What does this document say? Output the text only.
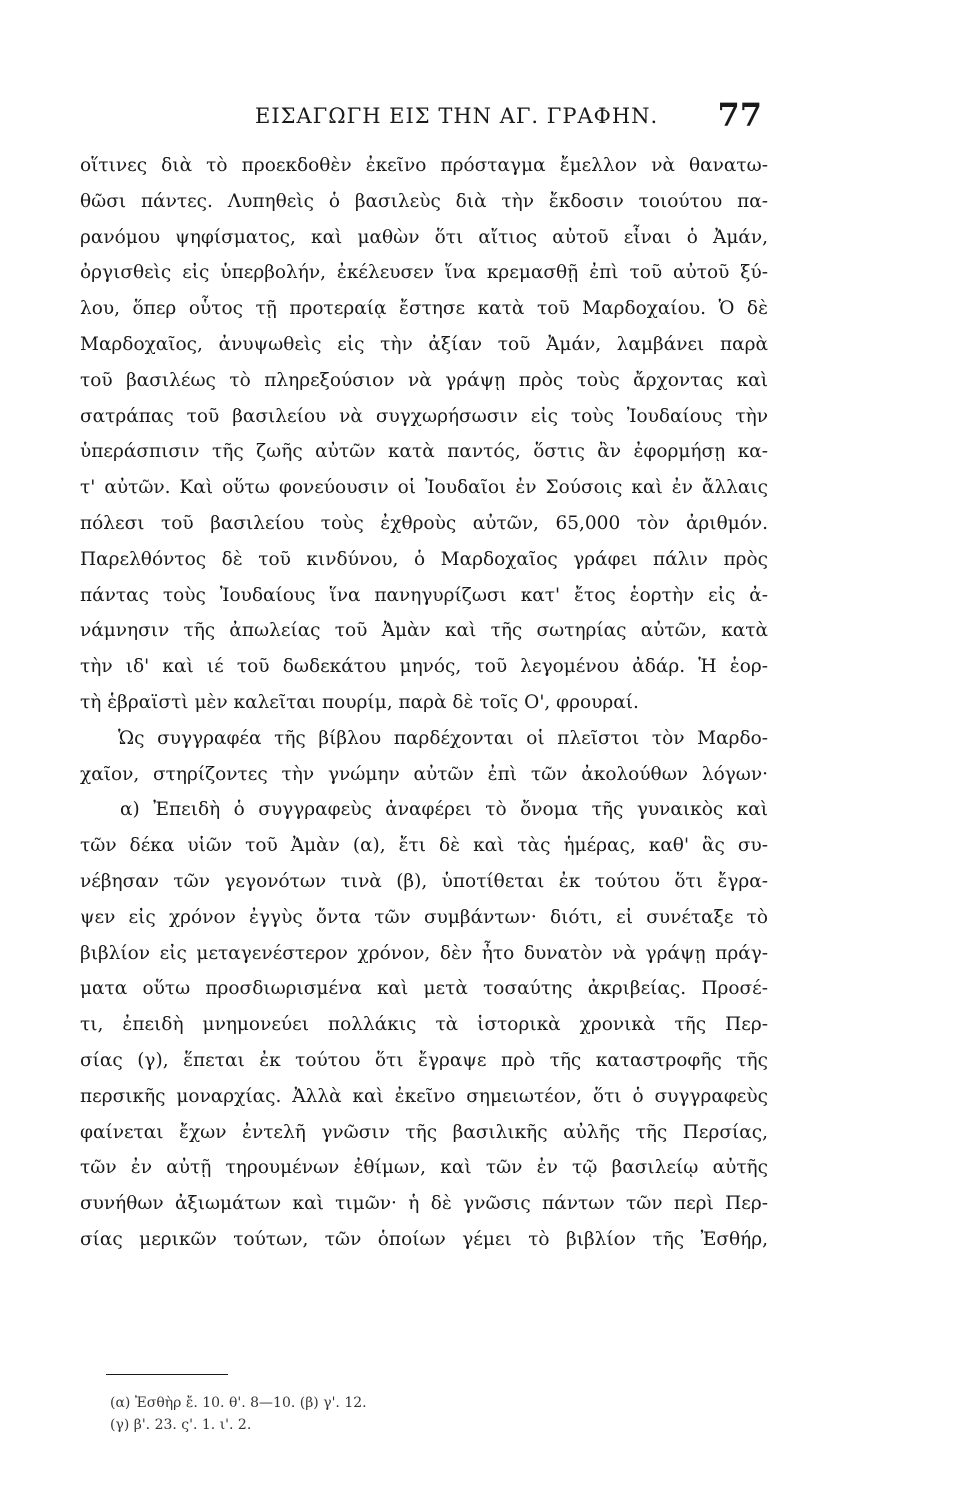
ΕΙΣΑΓΩΓΗ ΕΙΣ ΤΗΝ ΑΓ. ΓΡΑΦΗΝ. 77
οἵτινες διὰ τὸ προεκδοθὲν ἐκεῖνο πρόσταγμα ἔμελλον νὰ θανατω-
θῶσι πάντες. Λυπηθεὶς ὁ βασιλεὺς διὰ τὴν ἔκδοσιν τοιούτου πα-
ρανόμου ψηφίσματος, καὶ μαθὼν ὅτι αἴτιος αὐτοῦ εἶναι ὁ Ἀμάν,
ὀργισθεὶς εἰς ὑπερβολήν, ἐκέλευσεν ἵνα κρεμασθῇ ἐπὶ τοῦ αὐτοῦ ξύ-
λου, ὅπερ οὗτος τῇ προτεραίᾳ ἔστησε κατὰ τοῦ Μαρδοχαίου. Ὁ δὲ
Μαρδοχαῖος, ἀνυψωθεὶς εἰς τὴν ἀξίαν τοῦ Ἀμάν, λαμβάνει παρὰ
τοῦ βασιλέως τὸ πληρεξούσιον νὰ γράψῃ πρὸς τοὺς ἄρχοντας καὶ
σατράπας τοῦ βασιλείου νὰ συγχωρήσωσιν εἰς τοὺς Ἰουδαίους τὴν
ὑπεράσπισιν τῆς ζωῆς αὐτῶν κατὰ παντός, ὅστις ἂν ἐφορμήσῃ κα-
τ' αὐτῶν. Καὶ οὕτω φονεύουσιν οἱ Ἰουδαῖοι ἐν Σούσοις καὶ ἐν ἄλλαις
πόλεσι τοῦ βασιλείου τοὺς ἐχθροὺς αὐτῶν, 65,000 τὸν ἀριθμόν.
Παρελθόντος δὲ τοῦ κινδύνου, ὁ Μαρδοχαῖος γράφει πάλιν πρὸς
πάντας τοὺς Ἰουδαίους ἵνα πανηγυρίζωσι κατ' ἔτος ἑορτὴν εἰς ἀ-
νάμνησιν τῆς ἀπωλείας τοῦ Ἀμὰν καὶ τῆς σωτηρίας αὐτῶν, κατὰ
τὴν ιδ' καὶ ιέ τοῦ δωδεκάτου μηνός, τοῦ λεγομένου ἀδάρ. Ἡ ἑορ-
τὴ ἑβραϊστὶ μὲν καλεῖται πουρίμ, παρὰ δὲ τοῖς Ο', φρουραί.
Ὡς συγγραφέα τῆς βίβλου παρδέχονται οἱ πλεῖστοι τὸν Μαρδο-
χαῖον, στηρίζοντες τὴν γνώμην αὐτῶν ἐπὶ τῶν ἀκολούθων λόγων·
α) Ἐπειδὴ ὁ συγγραφεὺς ἀναφέρει τὸ ὄνομα τῆς γυναικὸς καὶ
τῶν δέκα υἱῶν τοῦ Ἀμὰν (α), ἔτι δὲ καὶ τὰς ἡμέρας, καθ' ἃς συ-
νέβησαν τῶν γεγονότων τινὰ (β), ὑποτίθεται ἐκ τούτου ὅτι ἔγρα-
ψεν εἰς χρόνον ἐγγὺς ὄντα τῶν συμβάντων· διότι, εἰ συνέταξε τὸ
βιβλίον εἰς μεταγενέστερον χρόνον, δὲν ἦτο δυνατὸν νὰ γράψῃ πράγ-
ματα οὕτω προσδιωρισμένα καὶ μετὰ τοσαύτης ἀκριβείας. Προσέ-
τι, ἐπειδὴ μνημονεύει πολλάκις τὰ ἱστορικὰ χρονικὰ τῆς Περ-
σίας (γ), ἕπεται ἐκ τούτου ὅτι ἔγραψε πρὸ τῆς καταστροφῆς τῆς
περσικῆς μοναρχίας. Ἀλλὰ καὶ ἐκεῖνο σημειωτέον, ὅτι ὁ συγγραφεὺς
φαίνεται ἔχων ἐντελῆ γνῶσιν τῆς βασιλικῆς αὐλῆς τῆς Περσίας,
τῶν ἐν αὐτῇ τηρουμένων ἐθίμων, καὶ τῶν ἐν τῷ βασιλείῳ αὐτῆς
συνήθων ἀξιωμάτων καὶ τιμῶν· ἡ δὲ γνῶσις πάντων τῶν περὶ Περ-
σίας μερικῶν τούτων, τῶν ὁποίων γέμει τὸ βιβλίον τῆς Ἐσθήρ,
(α) Ἐσθὴρ ἔ. 10. θ'. 8—10. (β) γ'. 12.
(γ) β'. 23. ς'. 1. ι'. 2.
